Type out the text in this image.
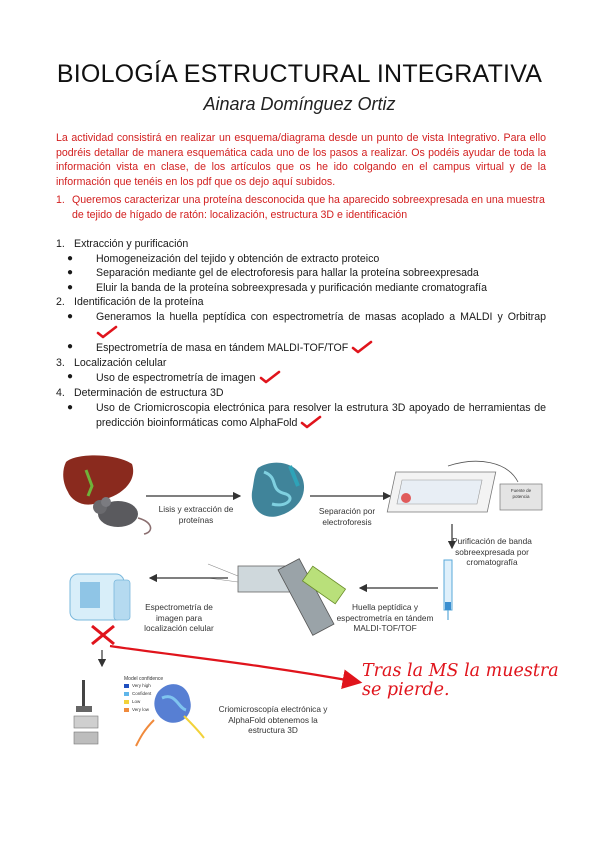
BIOLOGÍA ESTRUCTURAL INTEGRATIVA
Ainara Domínguez Ortiz
La actividad consistirá en realizar un esquema/diagrama desde un punto de vista Integrativo. Para ello podréis detallar de manera esquemática cada uno de los pasos a realizar. Os podéis ayudar de toda la información vista en clase, de los artículos que os he ido colgando en el campus virtual y de la información que tenéis en los pdf que os dejo aquí subidos.
1. Queremos caracterizar una proteína desconocida que ha aparecido sobreexpresada en una muestra de tejido de hígado de ratón: localización, estructura 3D e identificación
1. Extracción y purificación
● Homogeneización del tejido y obtención de extracto proteico
● Separación mediante gel de electroforesis para hallar la proteína sobreexpresada
● Eluir la banda de la proteína sobreexpresada y purificación mediante cromatografía
2. Identificación de la proteína
● Generamos la huella peptídica con espectrometría de masas acoplado a MALDI y Orbitrap
● Espectrometría de masa en tándem MALDI-TOF/TOF
3. Localización celular
● Uso de espectrometría de imagen
4. Determinación de estructura 3D
● Uso de Criomicroscopia electrónica para resolver la estrutura 3D apoyado de herramientas de predicción bioinformáticas como AlphaFold
Lisis y extracción de proteínas
Separación por electroforesis
Purificación de banda sobreexpresada por cromatografía
Huella peptídica y espectrometría en tándem MALDI-TOF/TOF
Espectrometría de imagen para localización celular
Criomicroscopía electrónica y AlphaFold obtenemos la estructura 3D
Model confidence
Very high
Confident
Low
Very low
Fuente de potencia
Tras la MS la muestra se pierde.
